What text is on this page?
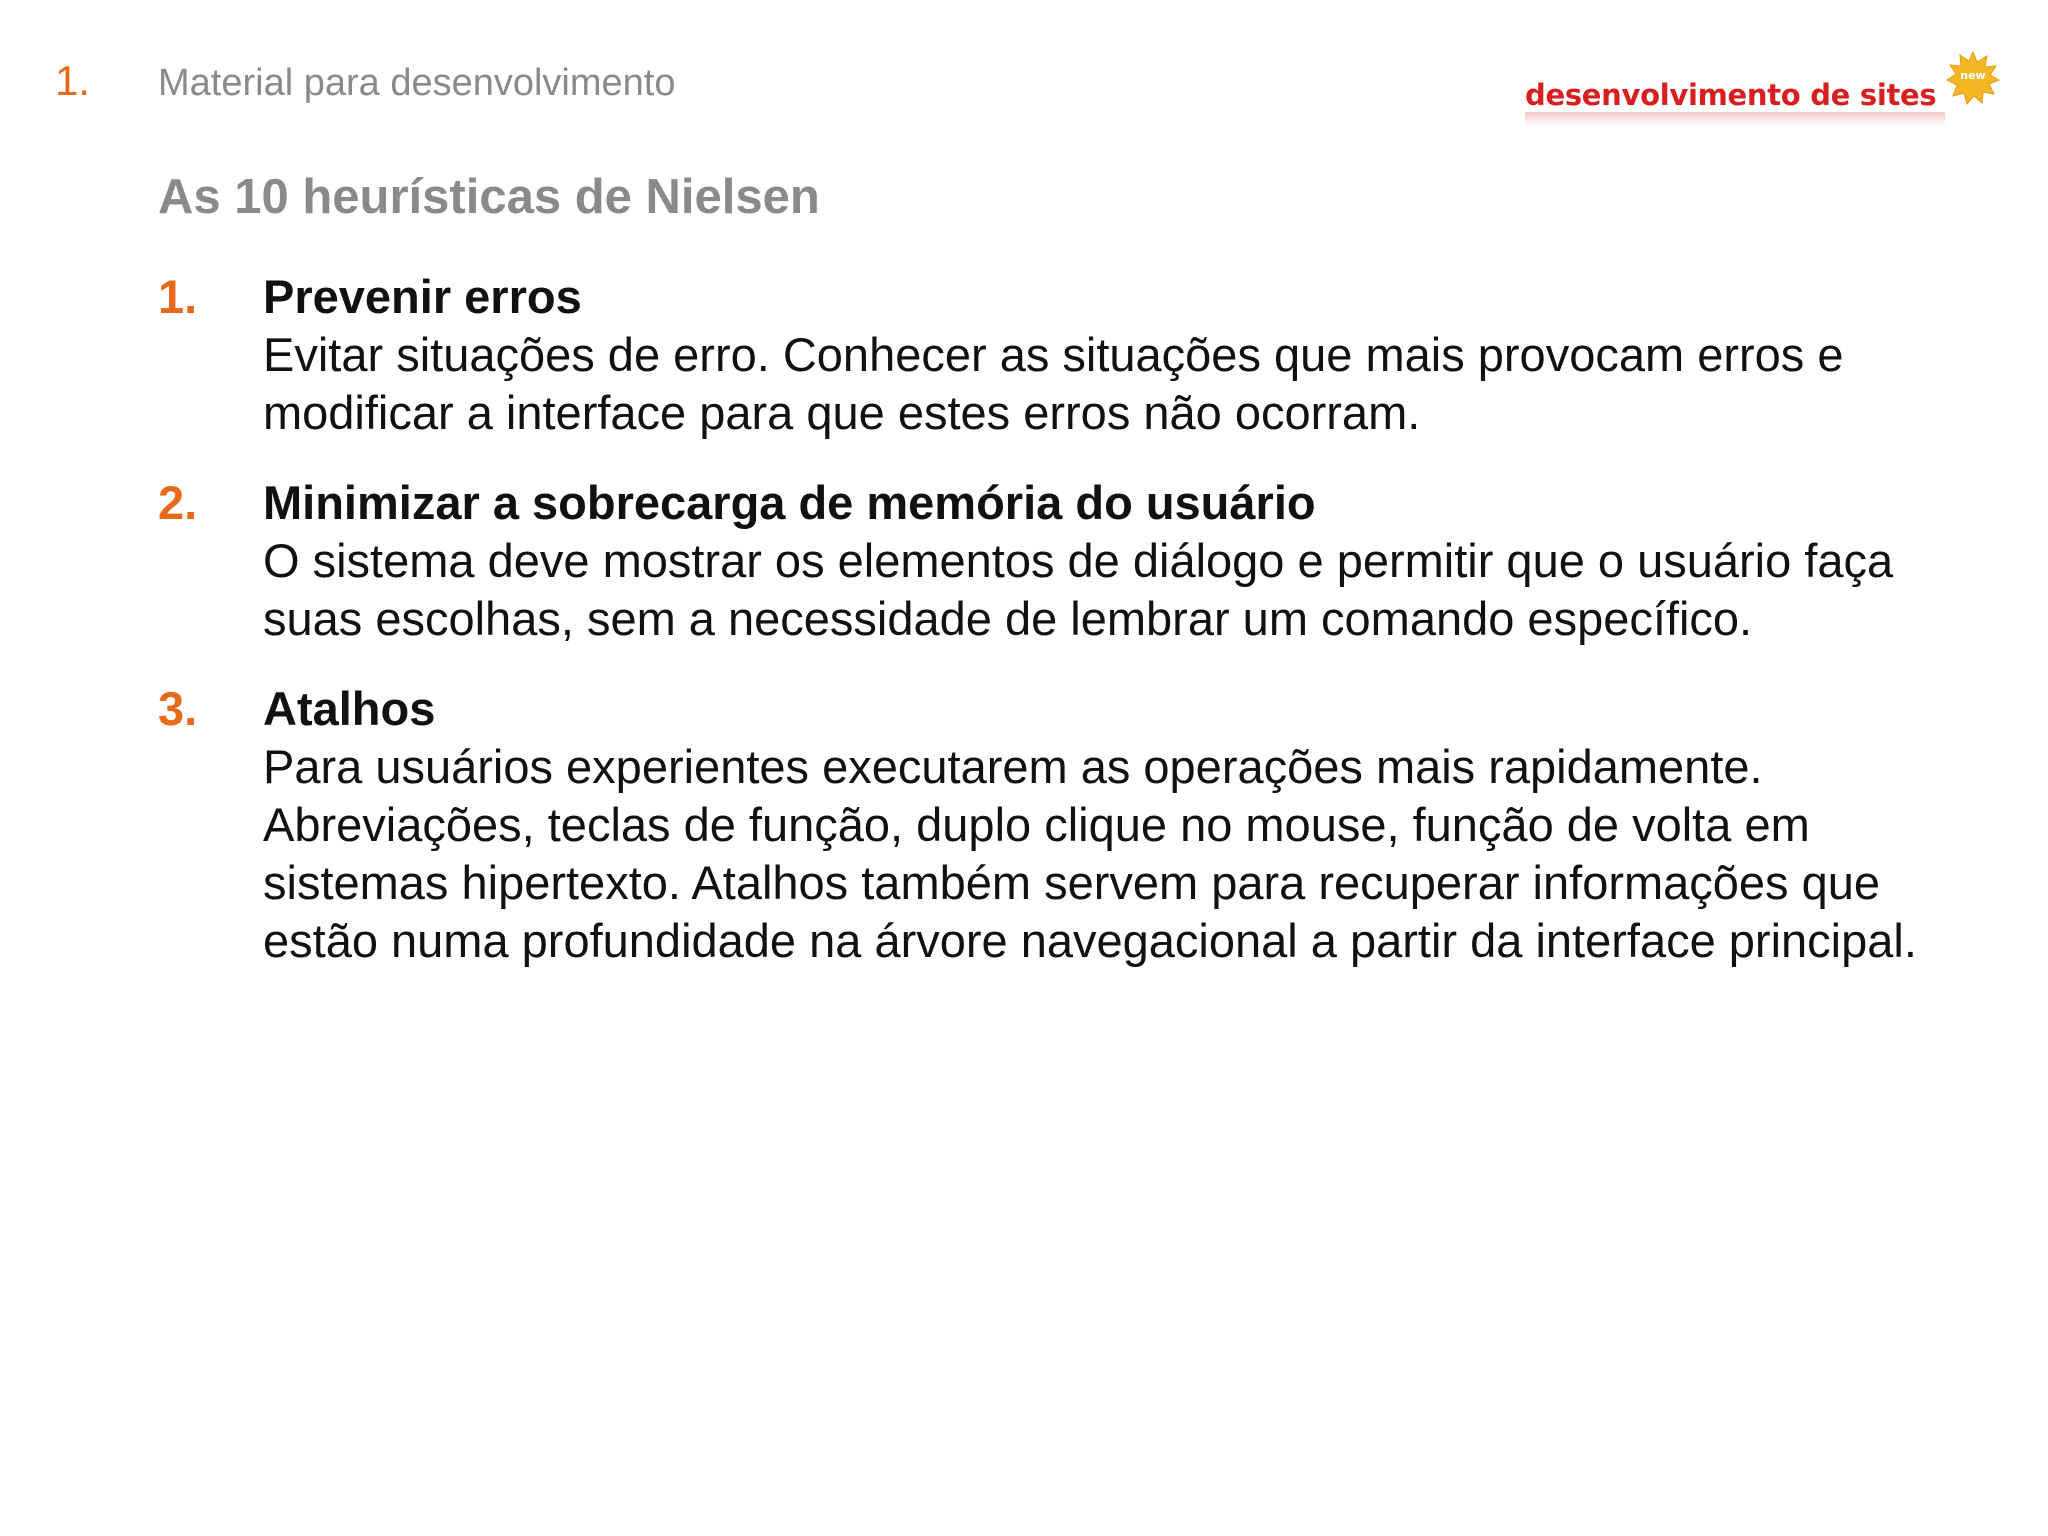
1. Material para desenvolvimento	desenvolvimento de sites
new
As 10 heurísticas de Nielsen
1. Prevenir erros
Evitar situações de erro. Conhecer as situações que mais provocam erros e modificar a interface para que estes erros não ocorram.
2. Minimizar a sobrecarga de memória do usuário
O sistema deve mostrar os elementos de diálogo e permitir que o usuário faça suas escolhas, sem a necessidade de lembrar um comando específico.
3. Atalhos
Para usuários experientes executarem as operações mais rapidamente. Abreviações, teclas de função, duplo clique no mouse, função de volta em sistemas hipertexto. Atalhos também servem para recuperar informações que estão numa profundidade na árvore navegacional a partir da interface principal.
